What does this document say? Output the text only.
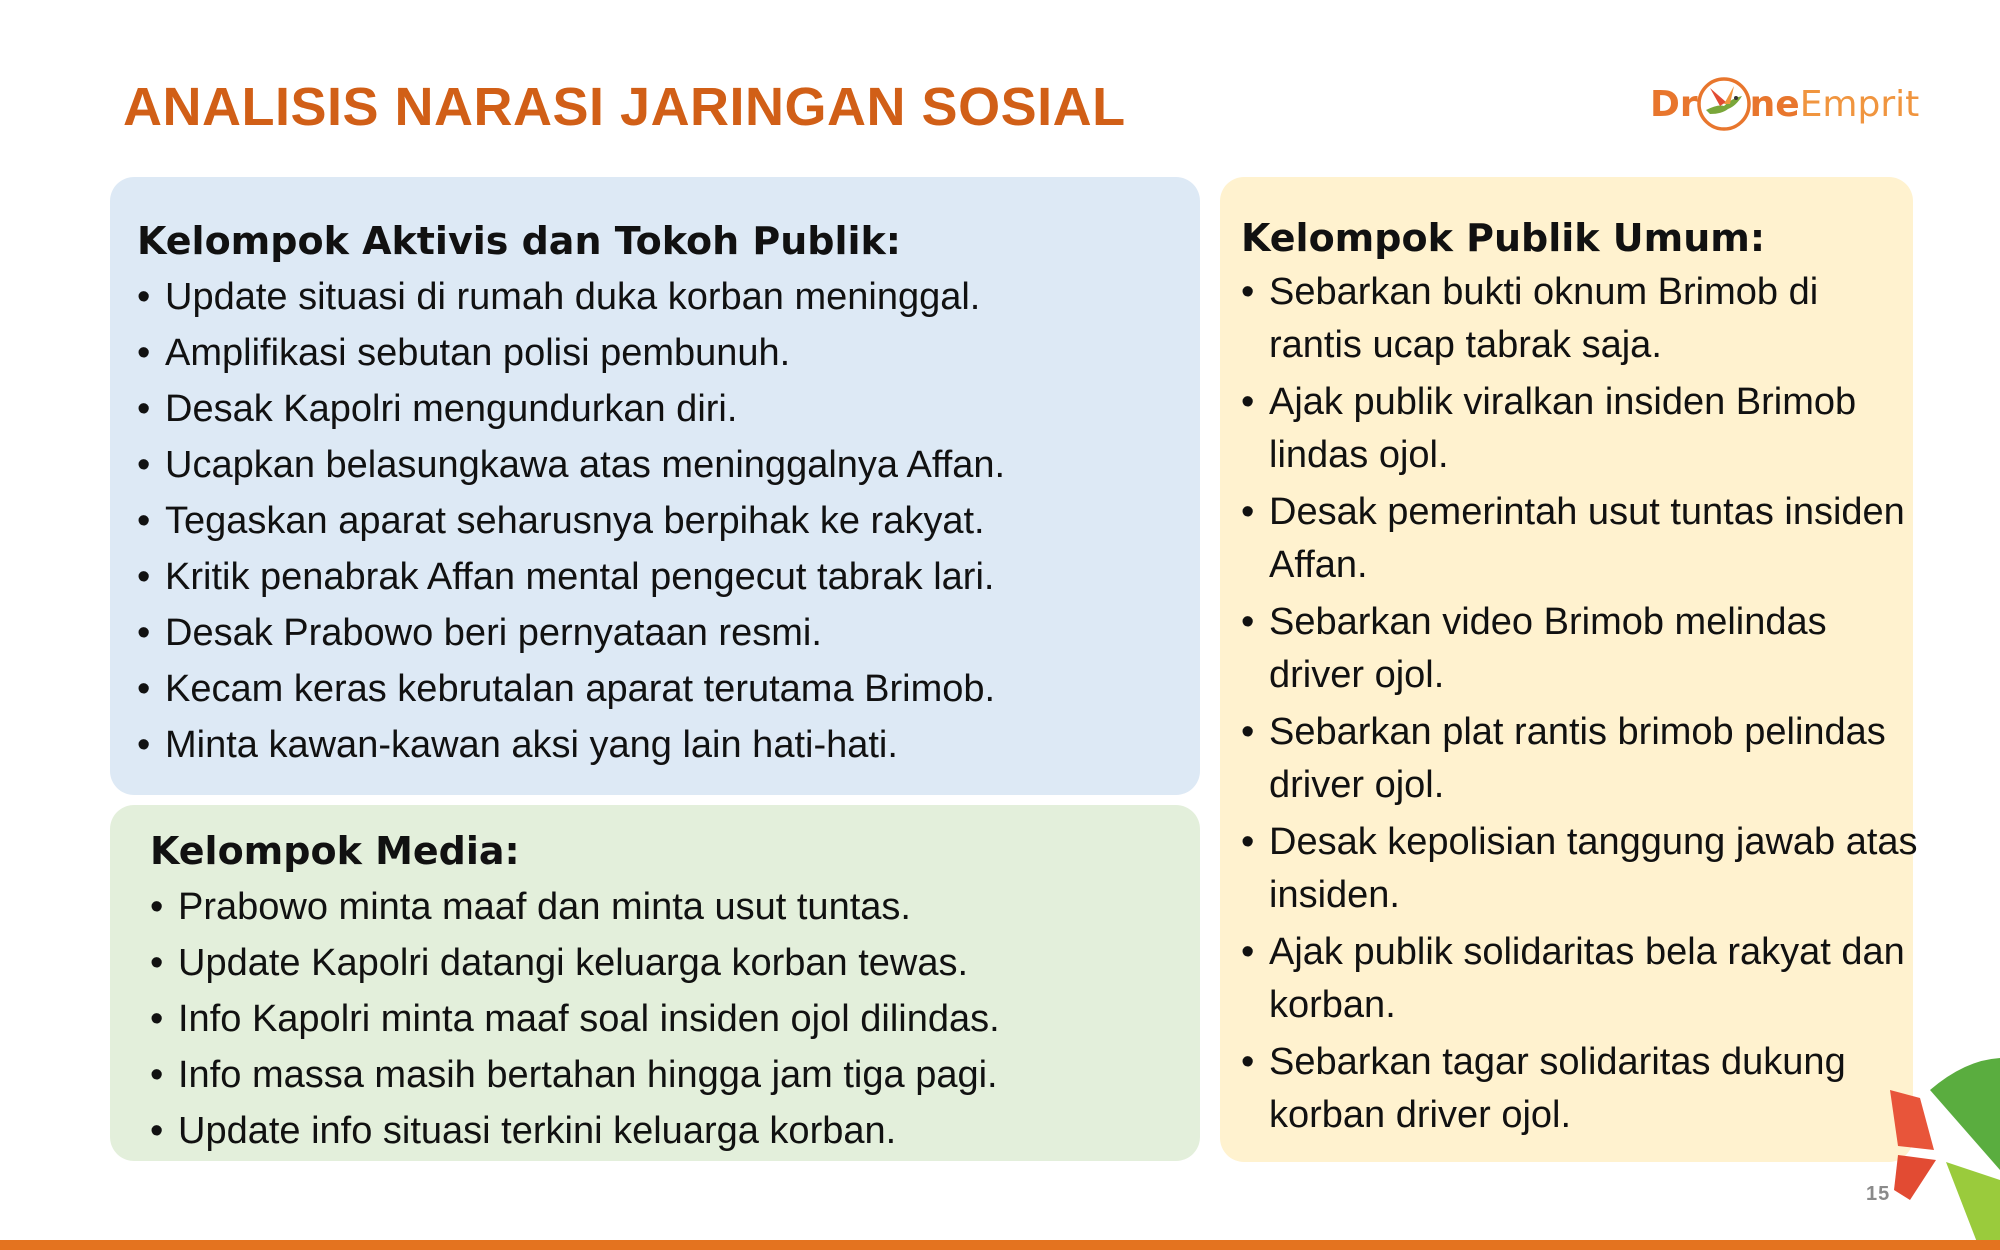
ANALISIS NARASI JARINGAN SOSIAL	Dr ne Emprit
Kelompok Aktivis dan Tokoh Publik:
• Update situasi di rumah duka korban meninggal.
• Amplifikasi sebutan polisi pembunuh.
• Desak Kapolri mengundurkan diri.
• Ucapkan belasungkawa atas meninggalnya Affan.
• Tegaskan aparat seharusnya berpihak ke rakyat.
• Kritik penabrak Affan mental pengecut tabrak lari.
• Desak Prabowo beri pernyataan resmi.
• Kecam keras kebrutalan aparat terutama Brimob.
• Minta kawan-kawan aksi yang lain hati-hati.
Kelompok Media:
• Prabowo minta maaf dan minta usut tuntas.
• Update Kapolri datangi keluarga korban tewas.
• Info Kapolri minta maaf soal insiden ojol dilindas.
• Info massa masih bertahan hingga jam tiga pagi.
• Update info situasi terkini keluarga korban.
Kelompok Publik Umum:
• Sebarkan bukti oknum Brimob di rantis ucap tabrak saja.
• Ajak publik viralkan insiden Brimob lindas ojol.
• Desak pemerintah usut tuntas insiden Affan.
• Sebarkan video Brimob melindas driver ojol.
• Sebarkan plat rantis brimob pelindas driver ojol.
• Desak kepolisian tanggung jawab atas insiden.
• Ajak publik solidaritas bela rakyat dan korban.
• Sebarkan tagar solidaritas dukung korban driver ojol.
15
